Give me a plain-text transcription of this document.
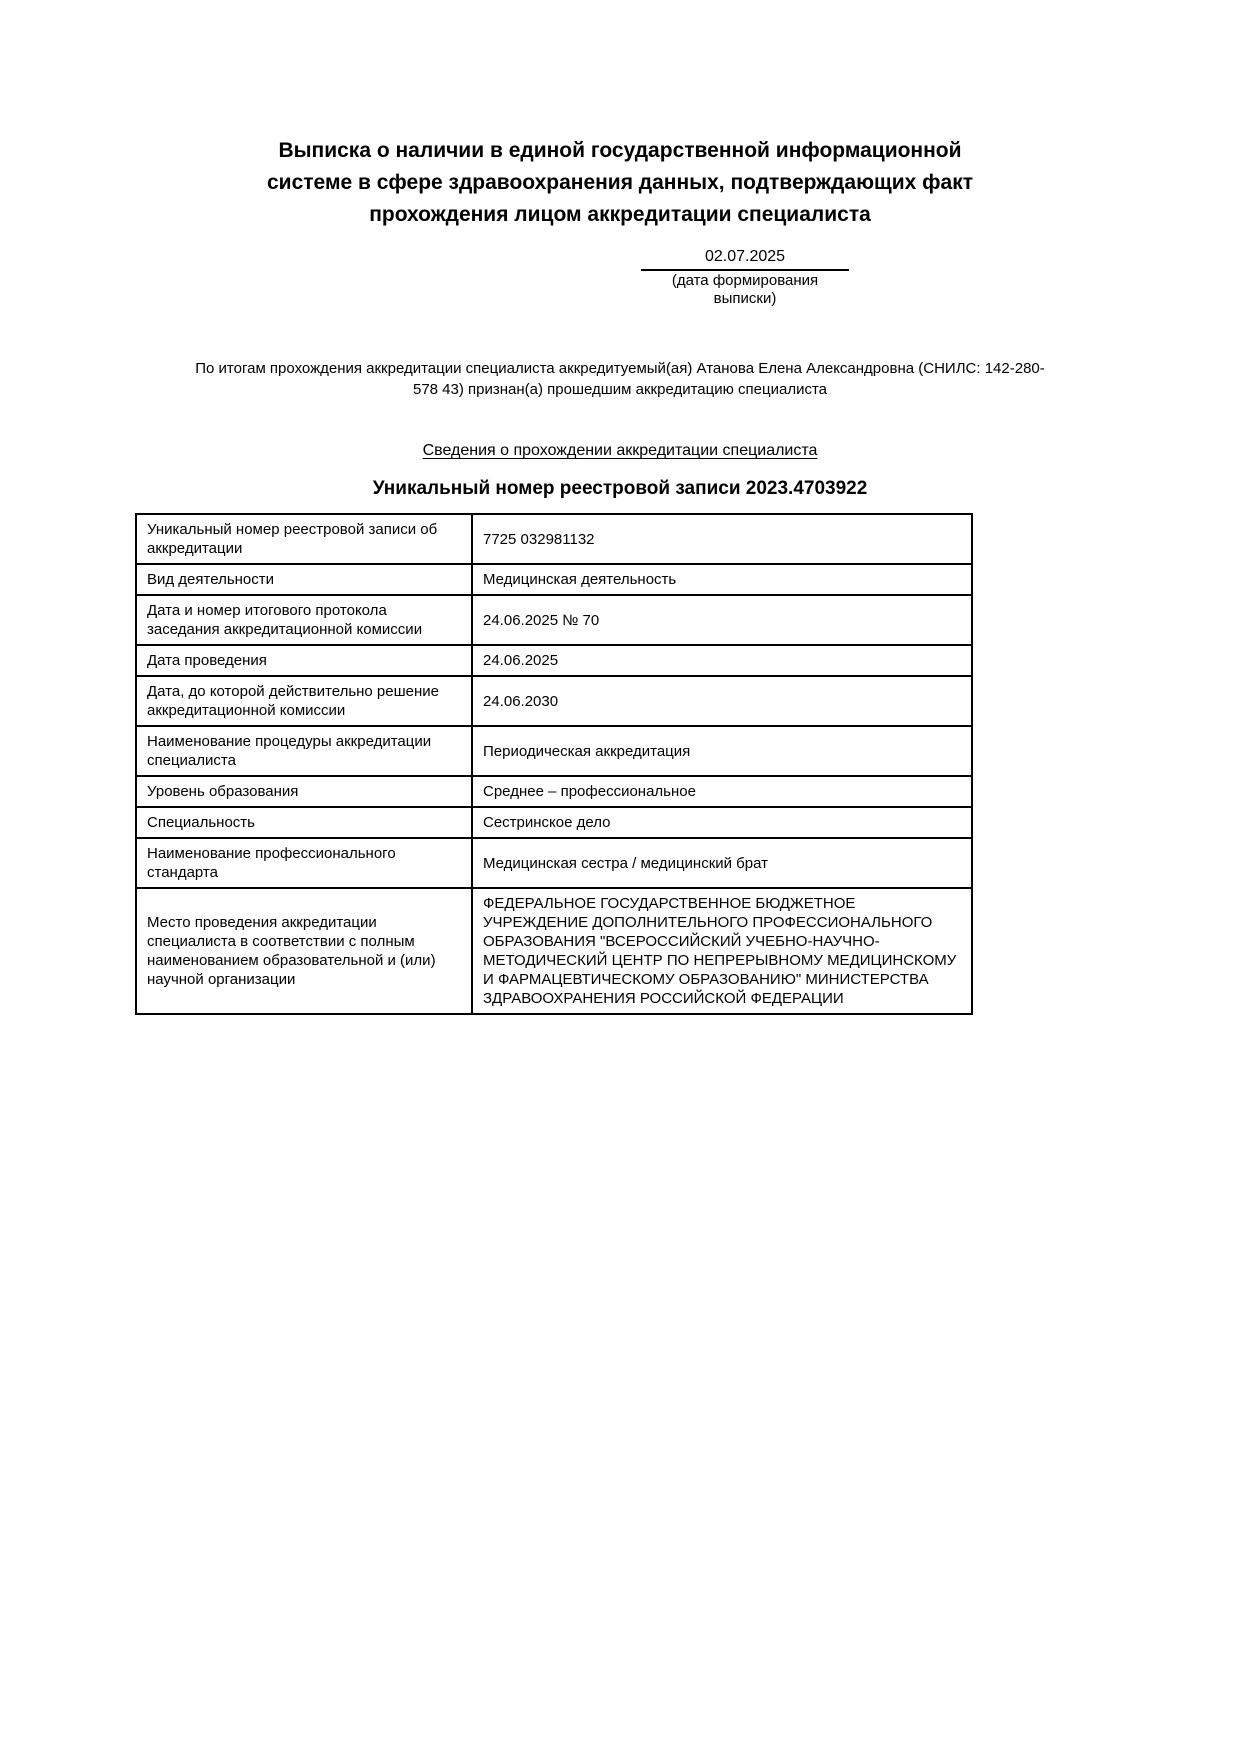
Выписка о наличии в единой государственной информационной
системе в сфере здравоохранения данных, подтверждающих факт
прохождения лицом аккредитации специалиста
02.07.2025
(дата формирования выписки)
По итогам прохождения аккредитации специалиста аккредитуемый(ая) Атанова Елена Александровна (СНИЛС: 142-280-578 43) признан(а) прошедшим аккредитацию специалиста
Сведения о прохождении аккредитации специалиста
Уникальный номер реестровой записи 2023.4703922
Уникальный номер реестровой записи об аккредитации	7725 032981132
Вид деятельности	Медицинская деятельность
Дата и номер итогового протокола заседания аккредитационной комиссии	24.06.2025 № 70
Дата проведения	24.06.2025
Дата, до которой действительно решение аккредитационной комиссии	24.06.2030
Наименование процедуры аккредитации специалиста	Периодическая аккредитация
Уровень образования	Среднее – профессиональное
Специальность	Сестринское дело
Наименование профессионального стандарта	Медицинская сестра / медицинский брат
Место проведения аккредитации специалиста в соответствии с полным наименованием образовательной и (или) научной организации	ФЕДЕРАЛЬНОЕ ГОСУДАРСТВЕННОЕ БЮДЖЕТНОЕ УЧРЕЖДЕНИЕ ДОПОЛНИТЕЛЬНОГО ПРОФЕССИОНАЛЬНОГО ОБРАЗОВАНИЯ "ВСЕРОССИЙСКИЙ УЧЕБНО-НАУЧНО-МЕТОДИЧЕСКИЙ ЦЕНТР ПО НЕПРЕРЫВНОМУ МЕДИЦИНСКОМУ И ФАРМАЦЕВТИЧЕСКОМУ ОБРАЗОВАНИЮ" МИНИСТЕРСТВА ЗДРАВООХРАНЕНИЯ РОССИЙСКОЙ ФЕДЕРАЦИИ
